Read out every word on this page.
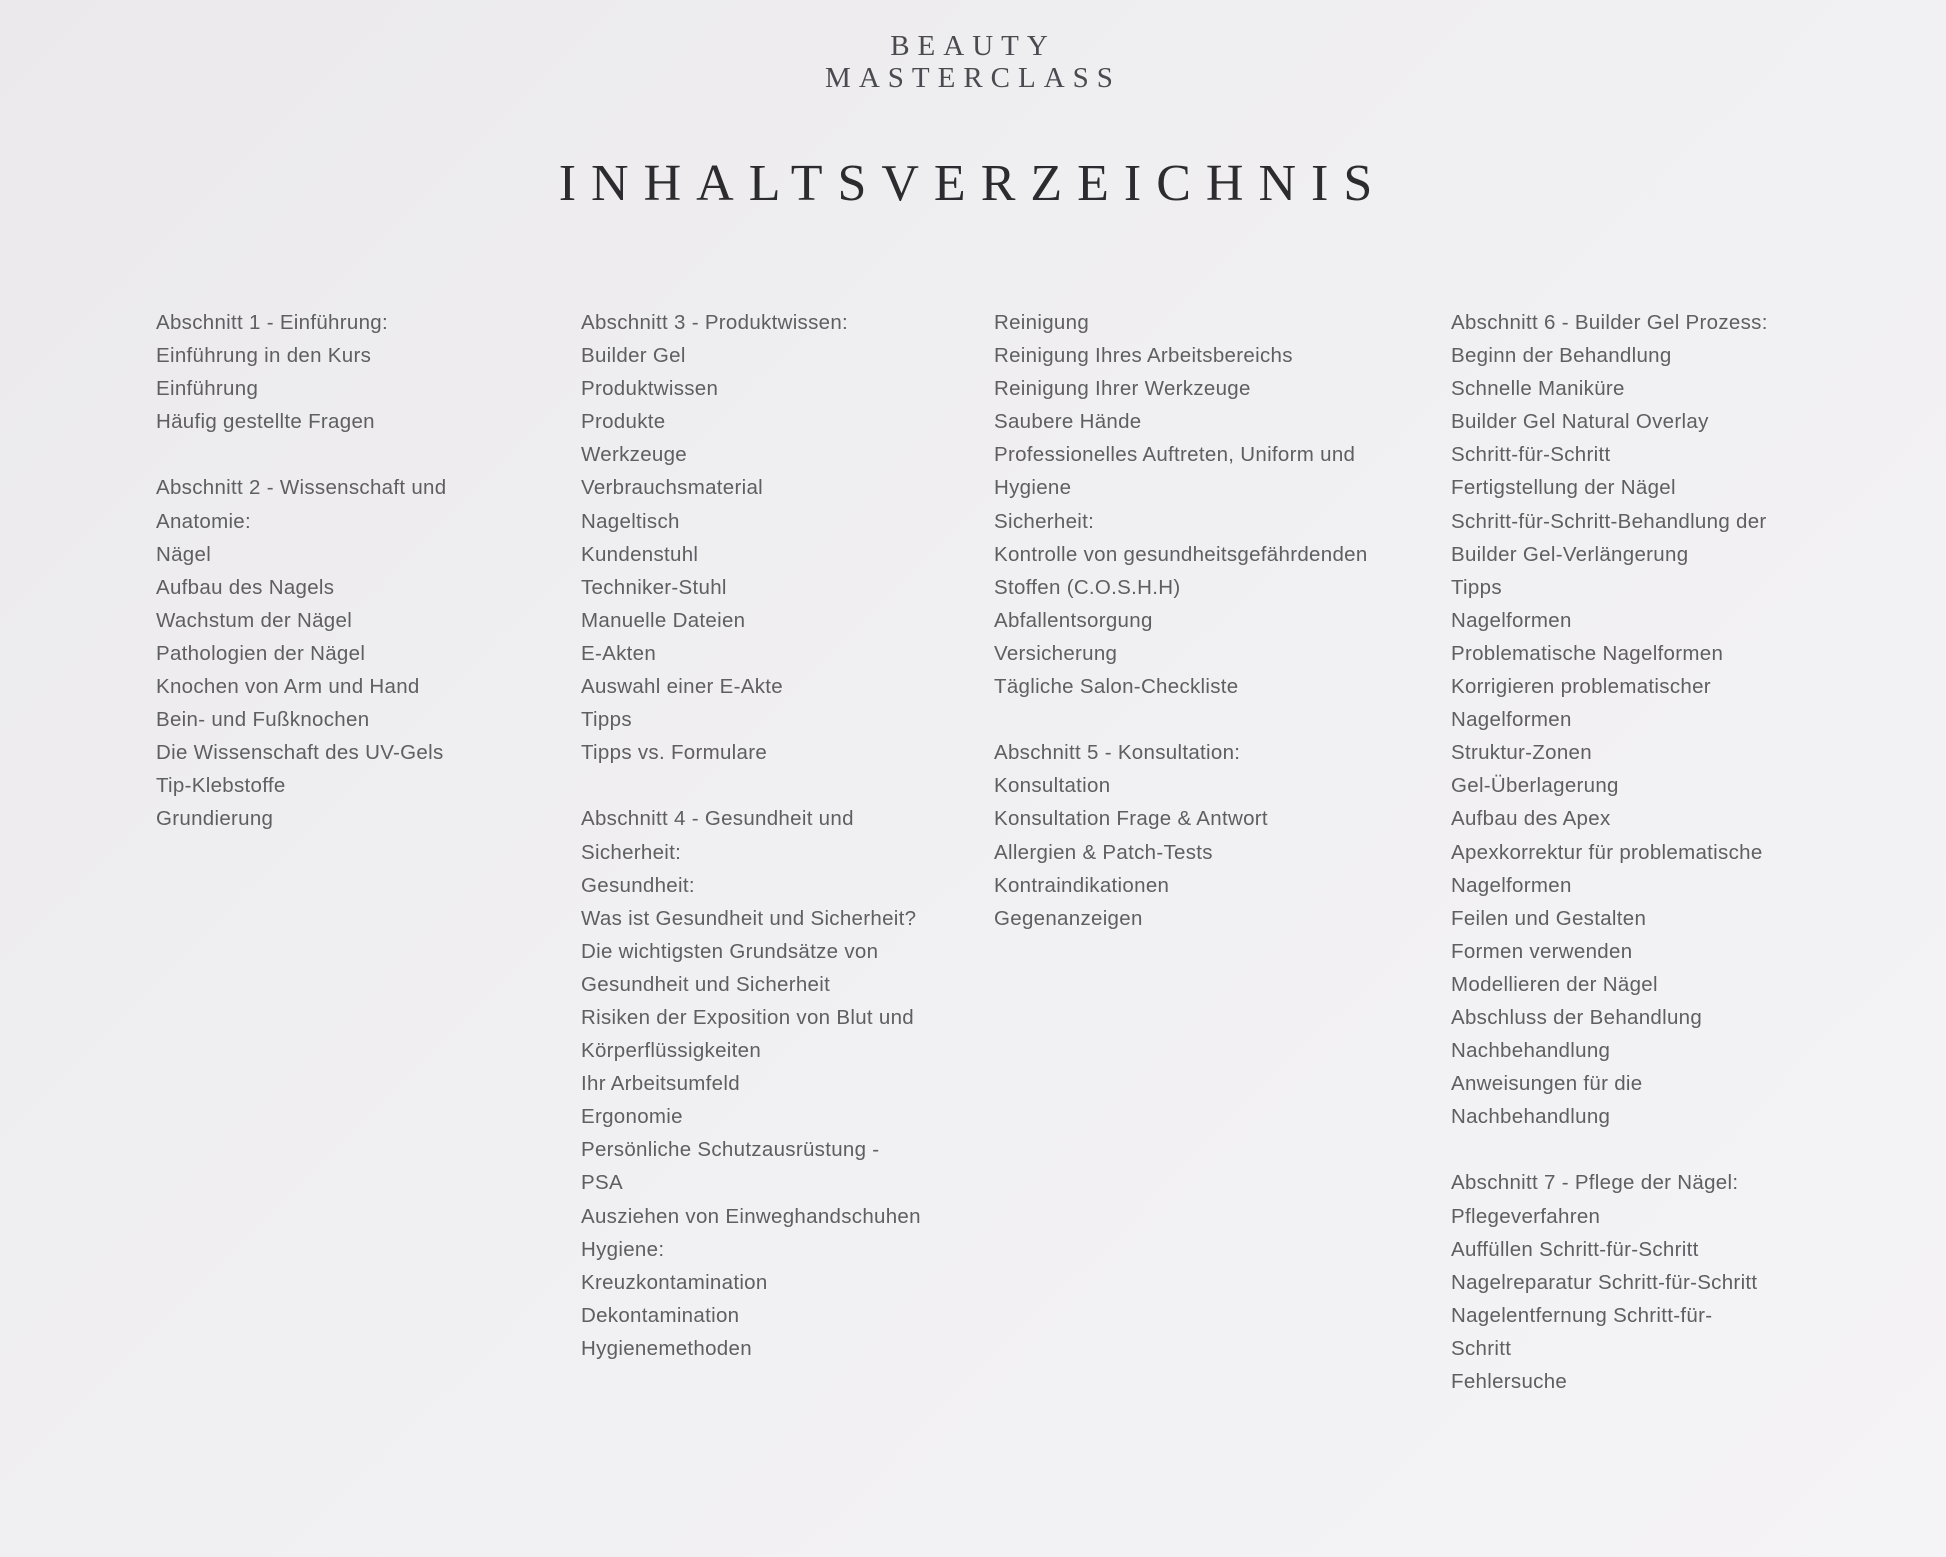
BEAUTY
MASTERCLASS
INHALTSVERZEICHNIS
Abschnitt 1 - Einführung:
Einführung in den Kurs
Einführung
Häufig gestellte Fragen
Abschnitt 2 - Wissenschaft und
Anatomie:
Nägel
Aufbau des Nagels
Wachstum der Nägel
Pathologien der Nägel
Knochen von Arm und Hand
Bein- und Fußknochen
Die Wissenschaft des UV-Gels
Tip-Klebstoffe
Grundierung
Abschnitt 3 - Produktwissen:
Builder Gel
Produktwissen
Produkte
Werkzeuge
Verbrauchsmaterial
Nageltisch
Kundenstuhl
Techniker-Stuhl
Manuelle Dateien
E-Akten
Auswahl einer E-Akte
Tipps
Tipps vs. Formulare
Abschnitt 4 - Gesundheit und
Sicherheit:
Gesundheit:
Was ist Gesundheit und Sicherheit?
Die wichtigsten Grundsätze von
Gesundheit und Sicherheit
Risiken der Exposition von Blut und
Körperflüssigkeiten
Ihr Arbeitsumfeld
Ergonomie
Persönliche Schutzausrüstung -
PSA
Ausziehen von Einweghandschuhen
Hygiene:
Kreuzkontamination
Dekontamination
Hygienemethoden
Reinigung
Reinigung Ihres Arbeitsbereichs
Reinigung Ihrer Werkzeuge
Saubere Hände
Professionelles Auftreten, Uniform und
Hygiene
Sicherheit:
Kontrolle von gesundheitsgefährdenden
Stoffen (C.O.S.H.H)
Abfallentsorgung
Versicherung
Tägliche Salon-Checkliste
Abschnitt 5 - Konsultation:
Konsultation
Konsultation Frage & Antwort
Allergien & Patch-Tests
Kontraindikationen
Gegenanzeigen
Abschnitt 6 - Builder Gel Prozess:
Beginn der Behandlung
Schnelle Maniküre
Builder Gel Natural Overlay
Schritt-für-Schritt
Fertigstellung der Nägel
Schritt-für-Schritt-Behandlung der
Builder Gel-Verlängerung
Tipps
Nagelformen
Problematische Nagelformen
Korrigieren problematischer
Nagelformen
Struktur-Zonen
Gel-Überlagerung
Aufbau des Apex
Apexkorrektur für problematische
Nagelformen
Feilen und Gestalten
Formen verwenden
Modellieren der Nägel
Abschluss der Behandlung
Nachbehandlung
Anweisungen für die
Nachbehandlung
Abschnitt 7 - Pflege der Nägel:
Pflegeverfahren
Auffüllen Schritt-für-Schritt
Nagelreparatur Schritt-für-Schritt
Nagelentfernung Schritt-für-
Schritt
Fehlersuche
